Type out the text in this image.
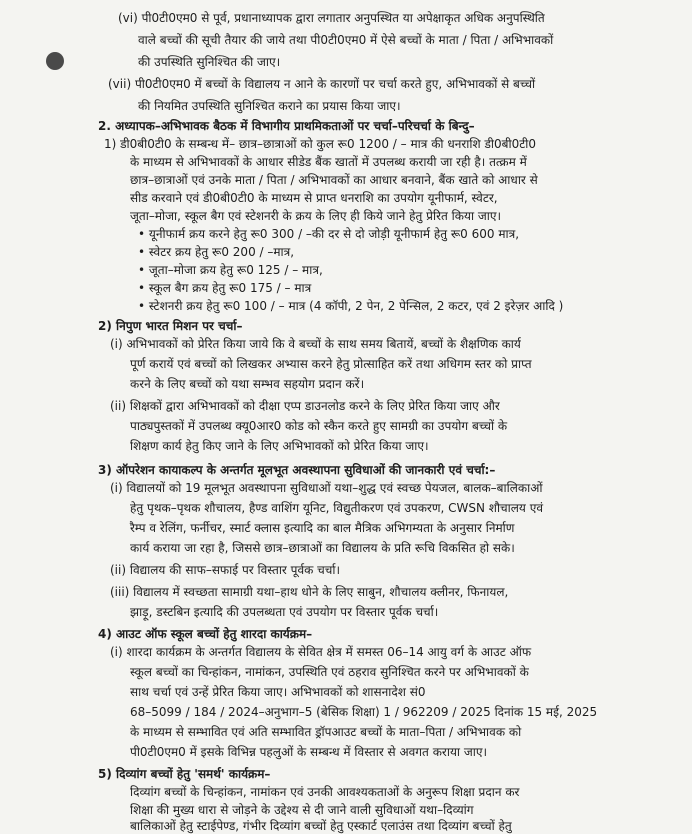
(vi) पी0टी0एम0 से पूर्व, प्रधानाध्यापक द्वारा लगातार अनुपस्थित या अपेक्षाकृत अधिक अनुपस्थिति
वाले बच्चों की सूची तैयार की जाये तथा पी0टी0एम0 में ऐसे बच्चों के माता / पिता / अभिभावकों
की उपस्थिति सुनिश्चित की जाए।
(vii) पी0टी0एम0 में बच्चों के विद्यालय न आने के कारणों पर चर्चा करते हुए, अभिभावकों से बच्चों
की नियमित उपस्थिति सुनिश्चित कराने का प्रयास किया जाए।
2. अध्यापक–अभिभावक बैठक में विभागीय प्राथमिकताओं पर चर्चा–परिचर्चा के बिन्दु–
1) डी0बी0टी0 के सम्बन्ध में– छात्र–छात्राओं को कुल रू0 1200 / – मात्र की धनराशि डी0बी0टी0
के माध्यम से अभिभावकों के आधार सीडेड बैंक खातों में उपलब्ध करायी जा रही है। तत्क्रम में
छात्र–छात्राओं एवं उनके माता / पिता / अभिभावकों का आधार बनवाने, बैंक खाते को आधार से
सीड करवाने एवं डी0बी0टी0 के माध्यम से प्राप्त धनराशि का उपयोग यूनीफार्म, स्वेटर,
जूता–मोजा, स्कूल बैग एवं स्टेशनरी के क्रय के लिए ही किये जाने हेतु प्रेरित किया जाए।
• यूनीफार्म क्रय करने हेतु रू0 300 / –की दर से दो जोड़ी यूनीफार्म हेतु रू0 600 मात्र,
• स्वेटर क्रय हेतु रू0 200 / –मात्र,
• जूता–मोजा क्रय हेतु रू0 125 / – मात्र,
• स्कूल बैग क्रय हेतु रू0 175 / – मात्र
• स्टेशनरी क्रय हेतु रू0 100 / – मात्र (4 कॉपी, 2 पेन, 2 पेन्सिल, 2 कटर, एवं 2 इरेज़र आदि )
2) निपुण भारत मिशन पर चर्चा–
(i) अभिभावकों को प्रेरित किया जाये कि वे बच्चों के साथ समय बितायें, बच्चों के शैक्षणिक कार्य
पूर्ण करायें एवं बच्चों को लिखकर अभ्यास करने हेतु प्रोत्साहित करें तथा अधिगम स्तर को प्राप्त
करने के लिए बच्चों को यथा सम्भव सहयोग प्रदान करें।
(ii) शिक्षकों द्वारा अभिभावकों को दीक्षा एप्प डाउनलोड करने के लिए प्रेरित किया जाए और
पाठ्यपुस्तकों में उपलब्ध क्यू0आर0 कोड को स्कैन करते हुए सामग्री का उपयोग बच्चों के
शिक्षण कार्य हेतु किए जाने के लिए अभिभावकों को प्रेरित किया जाए।
3) ऑपरेशन कायाकल्प के अन्तर्गत मूलभूत अवस्थापना सुविधाओं की जानकारी एवं चर्चा:–
(i) विद्यालयों को 19 मूलभूत अवस्थापना सुविधाओं यथा–शुद्ध एवं स्वच्छ पेयजल, बालक–बालिकाओं
हेतु पृथक–पृथक शौचालय, हैण्ड वाशिंग यूनिट, विद्युतीकरण एवं उपकरण, CWSN शौचालय एवं
रैम्प व रेलिंग, फर्नीचर, स्मार्ट क्लास इत्यादि का बाल मैत्रिक अभिगम्यता के अनुसार निर्माण
कार्य कराया जा रहा है, जिससे छात्र–छात्राओं का विद्यालय के प्रति रूचि विकसित हो सके।
(ii) विद्यालय की साफ–सफाई पर विस्तार पूर्वक चर्चा।
(iii) विद्यालय में स्वच्छता सामाग्री यथा–हाथ धोने के लिए साबुन, शौचालय क्लीनर, फिनायल,
झाड़ू, डस्टबिन इत्यादि की उपलब्धता एवं उपयोग पर विस्तार पूर्वक चर्चा।
4) आउट ऑफ स्कूल बच्चों हेतु शारदा कार्यक्रम–
(i) शारदा कार्यक्रम के अन्तर्गत विद्यालय के सेवित क्षेत्र में समस्त 06–14 आयु वर्ग के आउट ऑफ
स्कूल बच्चों का चिन्हांकन, नामांकन, उपस्थिति एवं ठहराव सुनिश्चित करने पर अभिभावकों के
साथ चर्चा एवं उन्हें प्रेरित किया जाए। अभिभावकों को शासनादेश सं0
68–5099 / 184 / 2024–अनुभाग–5 (बेसिक शिक्षा) 1 / 962209 / 2025 दिनांक 15 मई, 2025
के माध्यम से सम्भावित एवं अति सम्भावित ड्रॉपआउट बच्चों के माता–पिता / अभिभावक को
पी0टी0एम0 में इसके विभिन्न पहलुओं के सम्बन्ध में विस्तार से अवगत कराया जाए।
5) दिव्यांग बच्चों हेतु 'समर्थ' कार्यक्रम–
दिव्यांग बच्चों के चिन्हांकन, नामांकन एवं उनकी आवश्यकताओं के अनुरूप शिक्षा प्रदान कर
शिक्षा की मुख्य धारा से जोड़ने के उद्देश्य से दी जाने वाली सुविधाओं यथा–दिव्यांग
बालिकाओं हेतु स्टाईपेण्ड, गंभीर दिव्यांग बच्चों हेतु एस्कार्ट एलाउंस तथा दिव्यांग बच्चों हेतु
